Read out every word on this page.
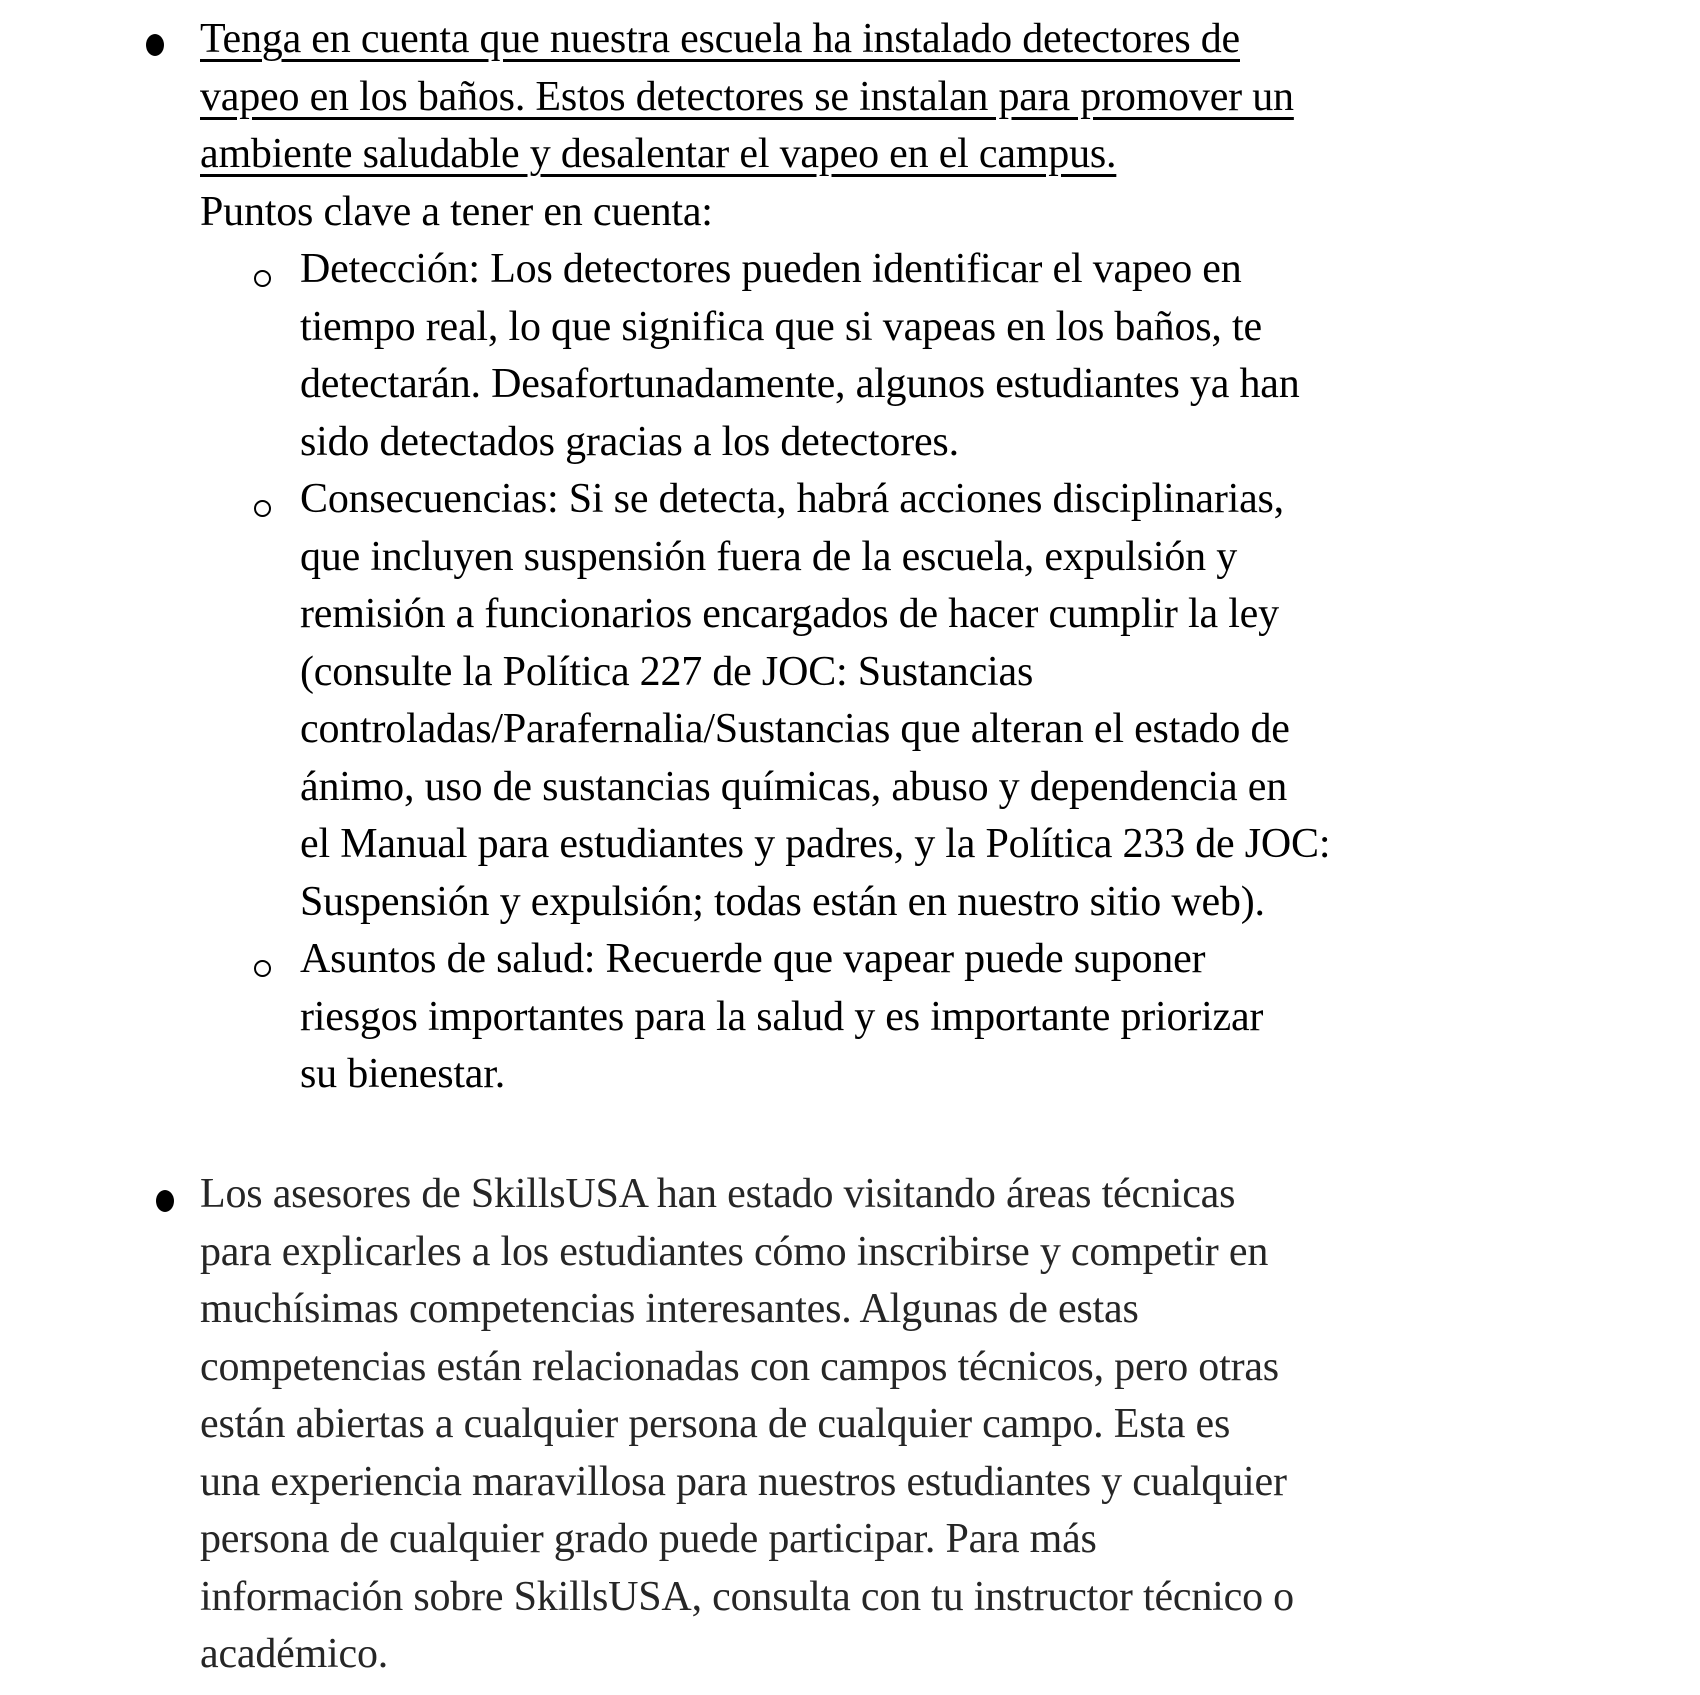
Tenga en cuenta que nuestra escuela ha instalado detectores de
vapeo en los baños. Estos detectores se instalan para promover un
ambiente saludable y desalentar el vapeo en el campus.
Puntos clave a tener en cuenta:
Detección: Los detectores pueden identificar el vapeo en
tiempo real, lo que significa que si vapeas en los baños, te
detectarán. Desafortunadamente, algunos estudiantes ya han
sido detectados gracias a los detectores.
Consecuencias: Si se detecta, habrá acciones disciplinarias,
que incluyen suspensión fuera de la escuela, expulsión y
remisión a funcionarios encargados de hacer cumplir la ley
(consulte la Política 227 de JOC: Sustancias
controladas/Parafernalia/Sustancias que alteran el estado de
ánimo, uso de sustancias químicas, abuso y dependencia en
el Manual para estudiantes y padres, y la Política 233 de JOC:
Suspensión y expulsión; todas están en nuestro sitio web).
Asuntos de salud: Recuerde que vapear puede suponer
riesgos importantes para la salud y es importante priorizar
su bienestar.
Los asesores de SkillsUSA han estado visitando áreas técnicas
para explicarles a los estudiantes cómo inscribirse y competir en
muchísimas competencias interesantes. Algunas de estas
competencias están relacionadas con campos técnicos, pero otras
están abiertas a cualquier persona de cualquier campo. Esta es
una experiencia maravillosa para nuestros estudiantes y cualquier
persona de cualquier grado puede participar. Para más
información sobre SkillsUSA, consulta con tu instructor técnico o
académico.
